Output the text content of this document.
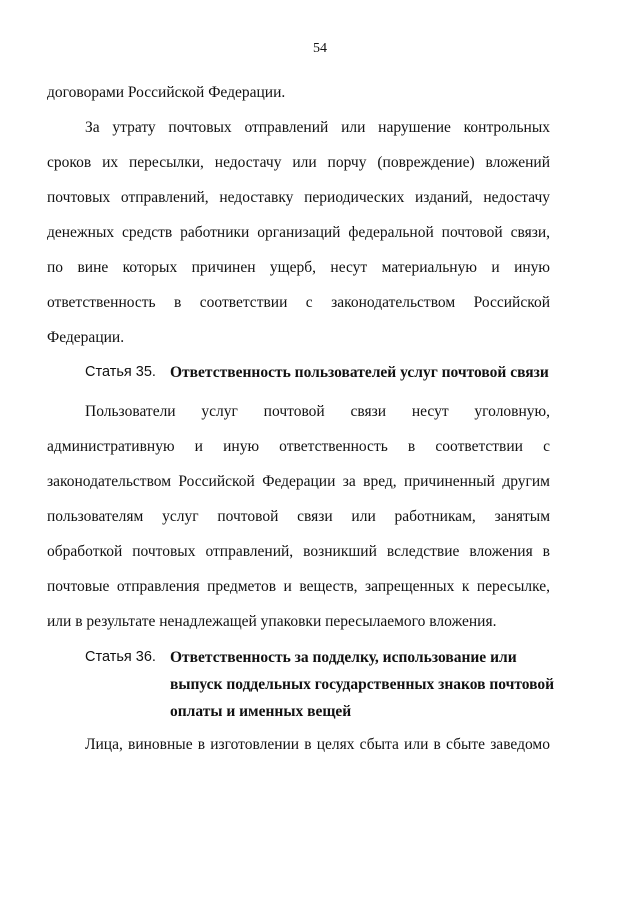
54
договорами Российской Федерации.
За утрату почтовых отправлений или нарушение контрольных
сроков их пересылки, недостачу или порчу (повреждение) вложений
почтовых отправлений, недоставку периодических изданий, недостачу
денежных средств работники организаций федеральной почтовой связи,
по вине которых причинен ущерб, несут материальную и иную
ответственность в соответствии с законодательством Российской
Федерации.
Статья 35. Ответственность пользователей услуг почтовой связи
Пользователи услуг почтовой связи несут уголовную,
административную и иную ответственность в соответствии с
законодательством Российской Федерации за вред, причиненный другим
пользователям услуг почтовой связи или работникам, занятым
обработкой почтовых отправлений, возникший вследствие вложения в
почтовые отправления предметов и веществ, запрещенных к пересылке,
или в результате ненадлежащей упаковки пересылаемого вложения.
Статья 36. Ответственность за подделку, использование или
выпуск поддельных государственных знаков почтовой
оплаты и именных вещей
Лица, виновные в изготовлении в целях сбыта или в сбыте заведомо
